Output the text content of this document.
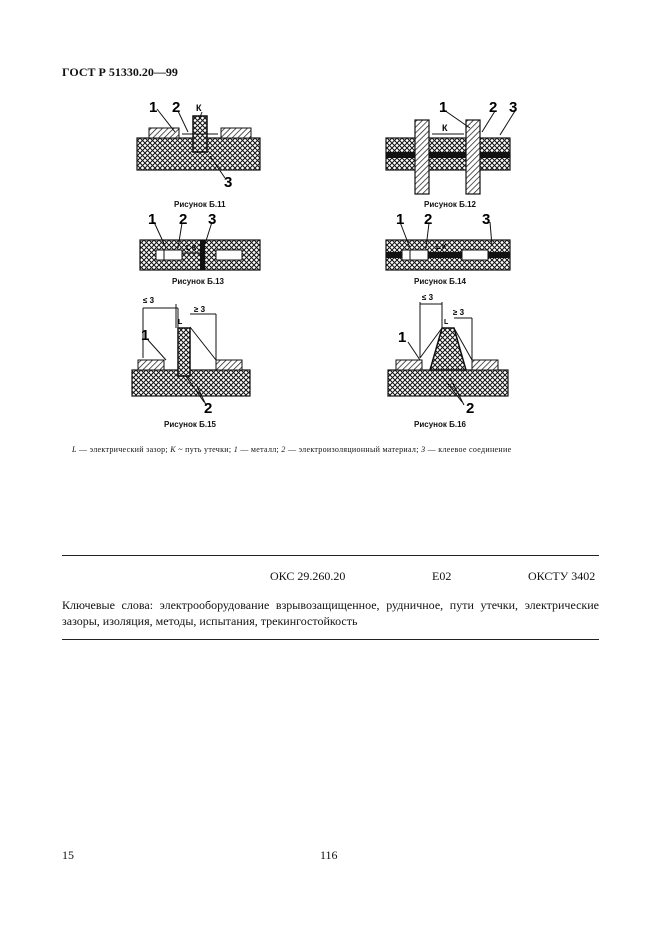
ГОСТ Р 51330.20—99
1 2 К
3
Рисунок Б.11
1
К
2 3
Рисунок Б.12
1 2 3
L К
Рисунок Б.13
1 2	3
L К
Рисунок Б.14
≤ 3
≥ 3
L
1
2
Рисунок Б.15
≤ 3
≥ 3
L
1
2
Рисунок Б.16
L — электрический зазор; К ~ путь утечки; 1 — металл; 2 — электроизоляционный материал; 3 — клеевое соединение
ОКС 29.260.20	Е02	ОКСТУ 3402
Ключевые слова: электрооборудование взрывозащищенное, рудничное, пути утечки, электрические зазоры, изоляция, методы, испытания, трекингостойкость
15	116
